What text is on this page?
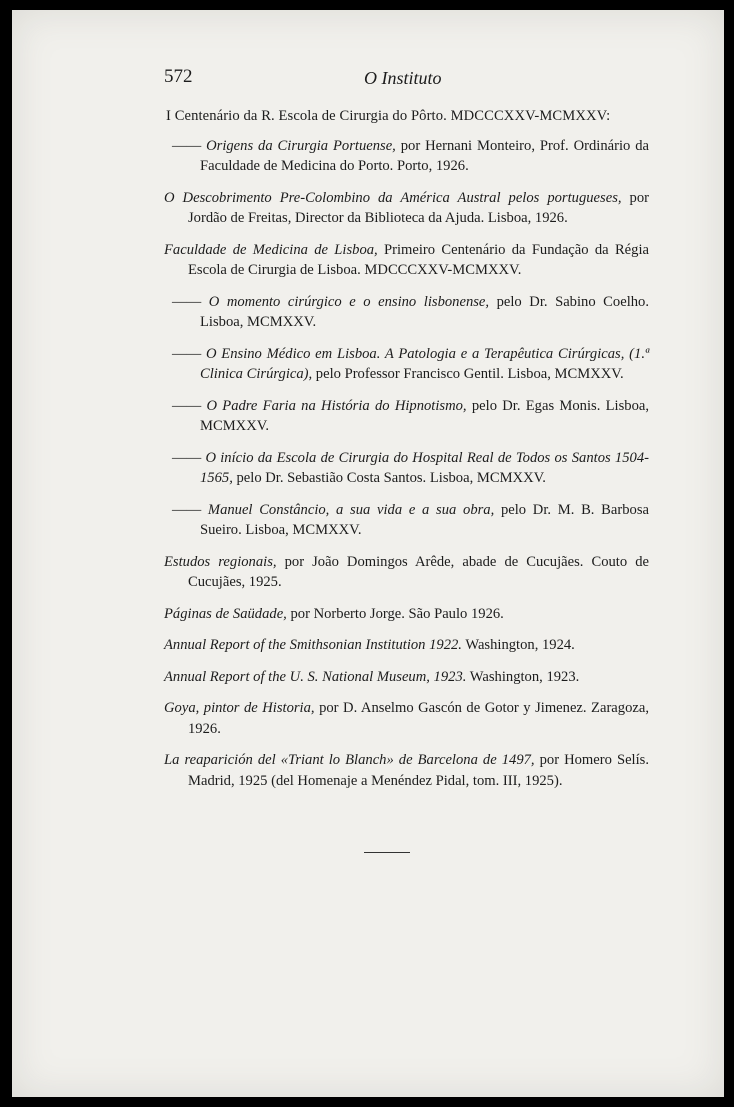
572	O Instituto

I Centenário da R. Escola de Cirurgia do Pôrto. MDCCCXXV-MCMXXV:

—— Origens da Cirurgia Portuense, por Hernani Monteiro, Prof. Ordinário da Faculdade de Medicina do Porto. Porto, 1926.

O Descobrimento Pre-Colombino da América Austral pelos portugueses, por Jordão de Freitas, Director da Biblioteca da Ajuda. Lisboa, 1926.

Faculdade de Medicina de Lisboa, Primeiro Centenário da Fundação da Régia Escola de Cirurgia de Lisboa. MDCCCXXV-MCMXXV.

—— O momento cirúrgico e o ensino lisbonense, pelo Dr. Sabino Coelho. Lisboa, MCMXXV.

—— O Ensino Médico em Lisboa. A Patologia e a Terapêutica Cirúrgicas, (1.ª Clinica Cirúrgica), pelo Professor Francisco Gentil. Lisboa, MCMXXV.

—— O Padre Faria na História do Hipnotismo, pelo Dr. Egas Monis. Lisboa, MCMXXV.

—— O início da Escola de Cirurgia do Hospital Real de Todos os Santos 1504-1565, pelo Dr. Sebastião Costa Santos. Lisboa, MCMXXV.

—— Manuel Constâncio, a sua vida e a sua obra, pelo Dr. M. B. Barbosa Sueiro. Lisboa, MCMXXV.

Estudos regionais, por João Domingos Arêde, abade de Cucujães. Couto de Cucujães, 1925.

Páginas de Saüdade, por Norberto Jorge. São Paulo 1926.

Annual Report of the Smithsonian Institution 1922. Washington, 1924.

Annual Report of the U. S. National Museum, 1923. Washington, 1923.

Goya, pintor de Historia, por D. Anselmo Gascón de Gotor y Jimenez. Zaragoza, 1926.

La reaparición del «Triant lo Blanch» de Barcelona de 1497, por Homero Selís. Madrid, 1925 (del Homenaje a Menéndez Pidal, tom. III, 1925).
